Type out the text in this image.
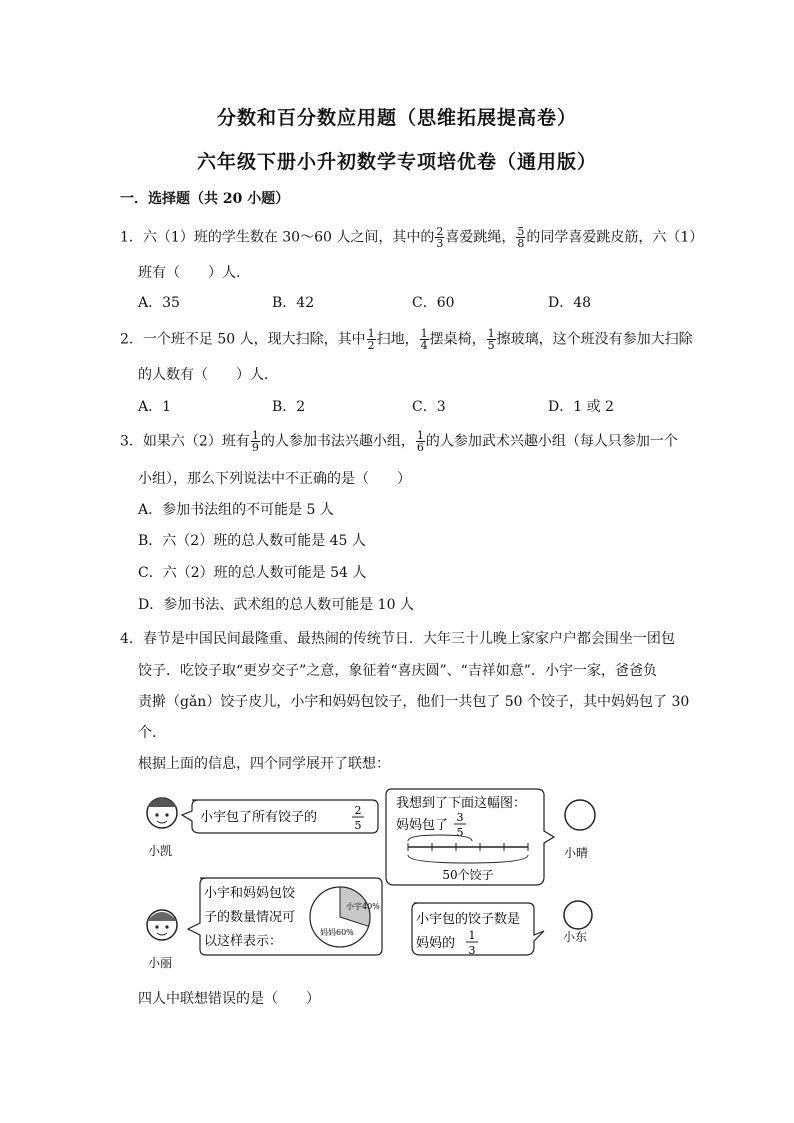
分数和百分数应用题（思维拓展提高卷）
六年级下册小升初数学专项培优卷（通用版）
一．选择题（共 20 小题）
1．六（1）班的学生数在 30～60 人之间，其中的 $\frac{2}{3}$ 喜爱跳绳， $\frac{5}{8}$ 的同学喜爱跳皮筋，六（1）
班有（　　）人．
A．35	B．42	C．60	D．48
2．一个班不足 50 人，现大扫除，其中 $\frac{1}{2}$ 扫地， $\frac{1}{4}$ 摆桌椅， $\frac{1}{5}$ 擦玻璃，这个班没有参加大扫除
的人数有（　　）人．
A．1	B．2	C．3	D．1 或 2
3．如果六（2）班有 $\frac{1}{9}$ 的人参加书法兴趣小组， $\frac{1}{6}$ 的人参加武术兴趣小组（每人只参加一个
小组），那么下列说法中不正确的是（　　）
A．参加书法组的不可能是 5 人
B．六（2）班的总人数可能是 45 人
C．六（2）班的总人数可能是 54 人
D．参加书法、武术组的总人数可能是 10 人
4．春节是中国民间最隆重、最热闹的传统节日．大年三十儿晚上家家户户都会围坐一团包
饺子．吃饺子取“更岁交子”之意，象征着“喜庆圆”、“吉祥如意”．小宇一家，爸爸负
责擀（gǎn）饺子皮儿，小宇和妈妈包饺子，他们一共包了 50 个饺子，其中妈妈包了 30
个．
根据上面的信息，四个同学展开了联想：
小凯
小宇包了所有饺子的	2
5
我想到了下面这幅图：
妈妈包了
3
5
50个饺子
小晴
小丽
小宇和妈妈包饺
子的数量情况可
以这样表示：
小宇40%
妈妈60%
小宇包的饺子数是
妈妈的
1
3
小东
四人中联想错误的是（　　）
